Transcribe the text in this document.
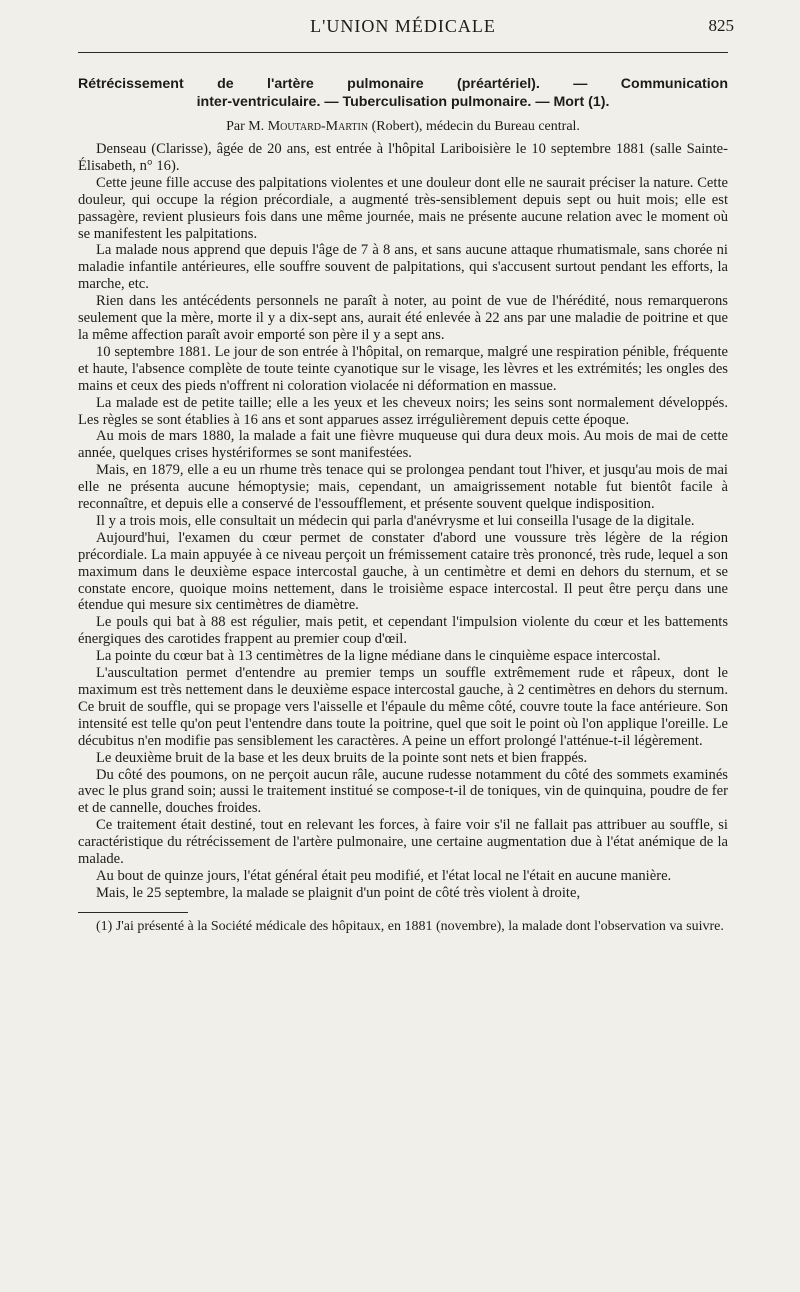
L'UNION MÉDICALE	825
Rétrécissement de l'artère pulmonaire (préartériel). — Communication
inter-ventriculaire. — Tuberculisation pulmonaire. — Mort (1).
Par M. Moutard-Martin (Robert), médecin du Bureau central.

Denseau (Clarisse), âgée de 20 ans, est entrée à l'hôpital Lariboisière le 10 septembre 1881 (salle Sainte-Élisabeth, n° 16).

Cette jeune fille accuse des palpitations violentes et une douleur dont elle ne saurait préciser la nature. Cette douleur, qui occupe la région précordiale, a augmenté très-sensiblement depuis sept ou huit mois; elle est passagère, revient plusieurs fois dans une même journée, mais ne présente aucune relation avec le moment où se manifestent les palpitations.

La malade nous apprend que depuis l'âge de 7 à 8 ans, et sans aucune attaque rhumatismale, sans chorée ni maladie infantile antérieures, elle souffre souvent de palpitations, qui s'accusent surtout pendant les efforts, la marche, etc.

Rien dans les antécédents personnels ne paraît à noter, au point de vue de l'hérédité, nous remarquerons seulement que la mère, morte il y a dix-sept ans, aurait été enlevée à 22 ans par une maladie de poitrine et que la même affection paraît avoir emporté son père il y a sept ans.

10 septembre 1881. Le jour de son entrée à l'hôpital, on remarque, malgré une respiration pénible, fréquente et haute, l'absence complète de toute teinte cyanotique sur le visage, les lèvres et les extrémités; les ongles des mains et ceux des pieds n'offrent ni coloration violacée ni déformation en massue.

La malade est de petite taille; elle a les yeux et les cheveux noirs; les seins sont normalement développés. Les règles se sont établies à 16 ans et sont apparues assez irrégulièrement depuis cette époque.

Au mois de mars 1880, la malade a fait une fièvre muqueuse qui dura deux mois. Au mois de mai de cette année, quelques crises hystériformes se sont manifestées.

Mais, en 1879, elle a eu un rhume très tenace qui se prolongea pendant tout l'hiver, et jusqu'au mois de mai elle ne présenta aucune hémoptysie; mais, cependant, un amaigrissement notable fut bientôt facile à reconnaître, et depuis elle a conservé de l'essoufflement, et présente souvent quelque indisposition.

Il y a trois mois, elle consultait un médecin qui parla d'anévrysme et lui conseilla l'usage de la digitale.

Aujourd'hui, l'examen du cœur permet de constater d'abord une voussure très légère de la région précordiale. La main appuyée à ce niveau perçoit un frémissement cataire très prononcé, très rude, lequel a son maximum dans le deuxième espace intercostal gauche, à un centimètre et demi en dehors du sternum, et se constate encore, quoique moins nettement, dans le troisième espace intercostal. Il peut être perçu dans une étendue qui mesure six centimètres de diamètre.

Le pouls qui bat à 88 est régulier, mais petit, et cependant l'impulsion violente du cœur et les battements énergiques des carotides frappent au premier coup d'œil.

La pointe du cœur bat à 13 centimètres de la ligne médiane dans le cinquième espace intercostal.

L'auscultation permet d'entendre au premier temps un souffle extrêmement rude et râpeux, dont le maximum est très nettement dans le deuxième espace intercostal gauche, à 2 centimètres en dehors du sternum. Ce bruit de souffle, qui se propage vers l'aisselle et l'épaule du même côté, couvre toute la face antérieure. Son intensité est telle qu'on peut l'entendre dans toute la poitrine, quel que soit le point où l'on applique l'oreille. Le décubitus n'en modifie pas sensiblement les caractères. A peine un effort prolongé l'atténue-t-il légèrement.

Le deuxième bruit de la base et les deux bruits de la pointe sont nets et bien frappés.

Du côté des poumons, on ne perçoit aucun râle, aucune rudesse notamment du côté des sommets examinés avec le plus grand soin; aussi le traitement institué se compose-t-il de toniques, vin de quinquina, poudre de fer et de cannelle, douches froides.

Ce traitement était destiné, tout en relevant les forces, à faire voir s'il ne fallait pas attribuer au souffle, si caractéristique du rétrécissement de l'artère pulmonaire, une certaine augmentation due à l'état anémique de la malade.

Au bout de quinze jours, l'état général était peu modifié, et l'état local ne l'était en aucune manière.

Mais, le 25 septembre, la malade se plaignit d'un point de côté très violent à droite,

(1) J'ai présenté à la Société médicale des hôpitaux, en 1881 (novembre), la malade dont l'observation va suivre.
